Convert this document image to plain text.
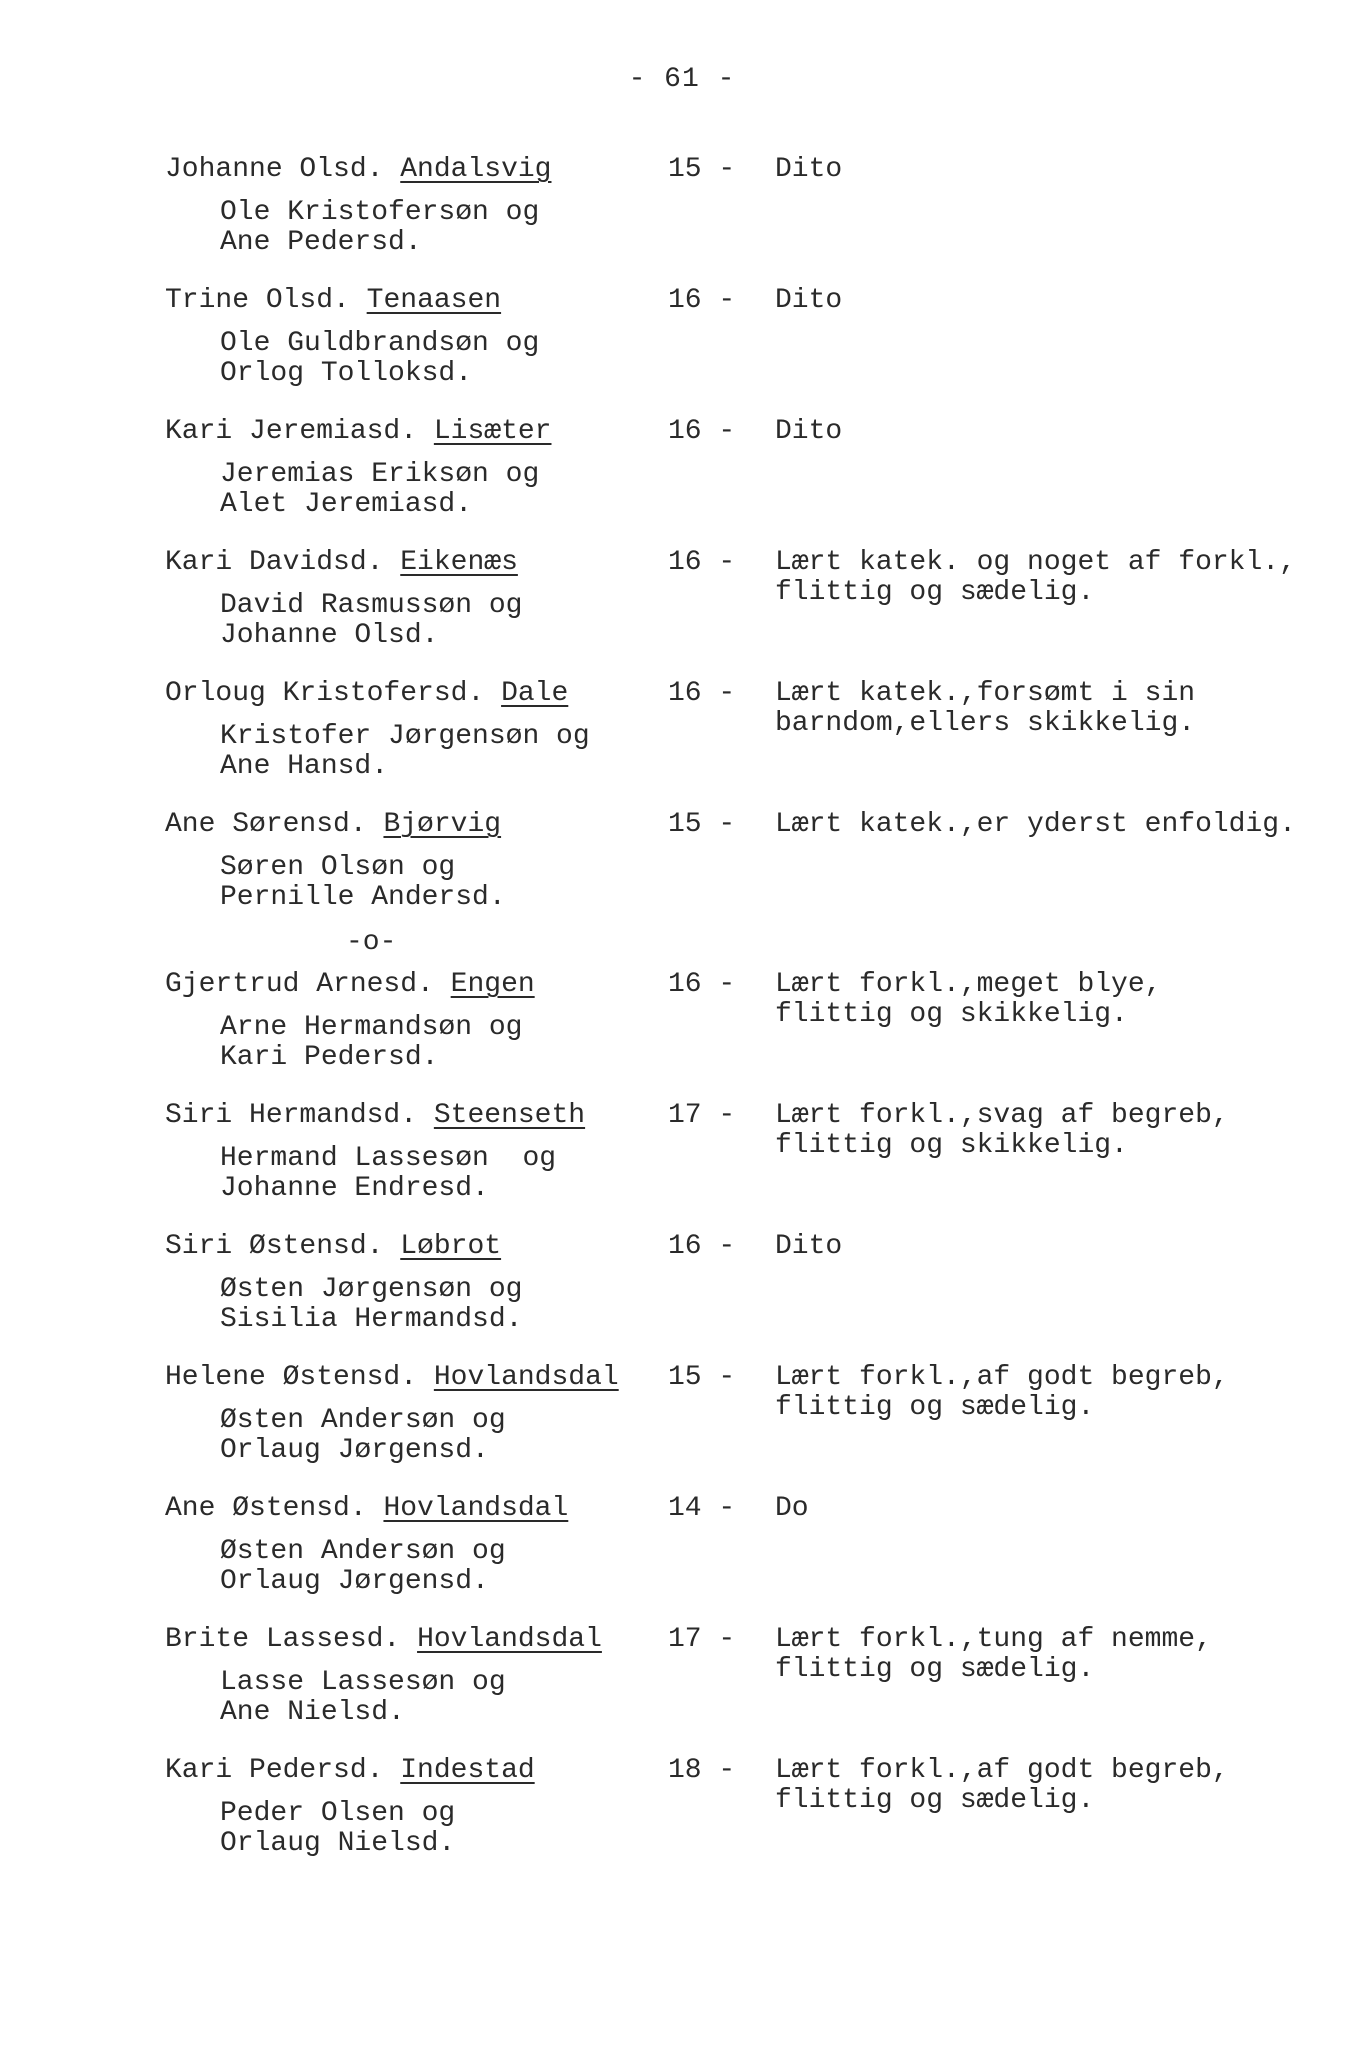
- 61 -
Johanne Olsd. Andalsvig	15 - Dito
Ole Kristofersøn og
Ane Pedersd.
Trine Olsd. Tenaasen	16 - Dito
Ole Guldbrandsøn og
Orlog Tolloksd.
Kari Jeremiasd. Lisæter	16 - Dito
Jeremias Eriksøn og
Alet Jeremiasd.
Kari Davidsd. Eikenæs	16 - Lært katek. og noget af forkl.,
flittig og sædelig.
David Rasmussøn og
Johanne Olsd.
Orloug Kristofersd. Dale	16 - Lært katek.,forsømt i sin
barndom,ellers skikkelig.
Kristofer Jørgensøn og
Ane Hansd.
Ane Sørensd. Bjørvig	15 - Lært katek.,er yderst enfoldig.
Søren Olsøn og
Pernille Andersd.
-o-
Gjertrud Arnesd. Engen	16 - Lært forkl.,meget blye,
flittig og skikkelig.
Arne Hermandsøn og
Kari Pedersd.
Siri Hermandsd. Steenseth	17 - Lært forkl.,svag af begreb,
flittig og skikkelig.
Hermand Lassesøn  og
Johanne Endresd.
Siri Østensd. Løbrot	16 - Dito
Østen Jørgensøn og
Sisilia Hermandsd.
Helene Østensd. Hovlandsdal 15 - Lært forkl.,af godt begreb,
flittig og sædelig.
Østen Andersøn og
Orlaug Jørgensd.
Ane Østensd. Hovlandsdal	14 - Do
Østen Andersøn og
Orlaug Jørgensd.
Brite Lassesd. Hovlandsdal 17 - Lært forkl.,tung af nemme,
flittig og sædelig.
Lasse Lassesøn og
Ane Nielsd.
Kari Pedersd. Indestad	18 - Lært forkl.,af godt begreb,
flittig og sædelig.
Peder Olsen og
Orlaug Nielsd.
